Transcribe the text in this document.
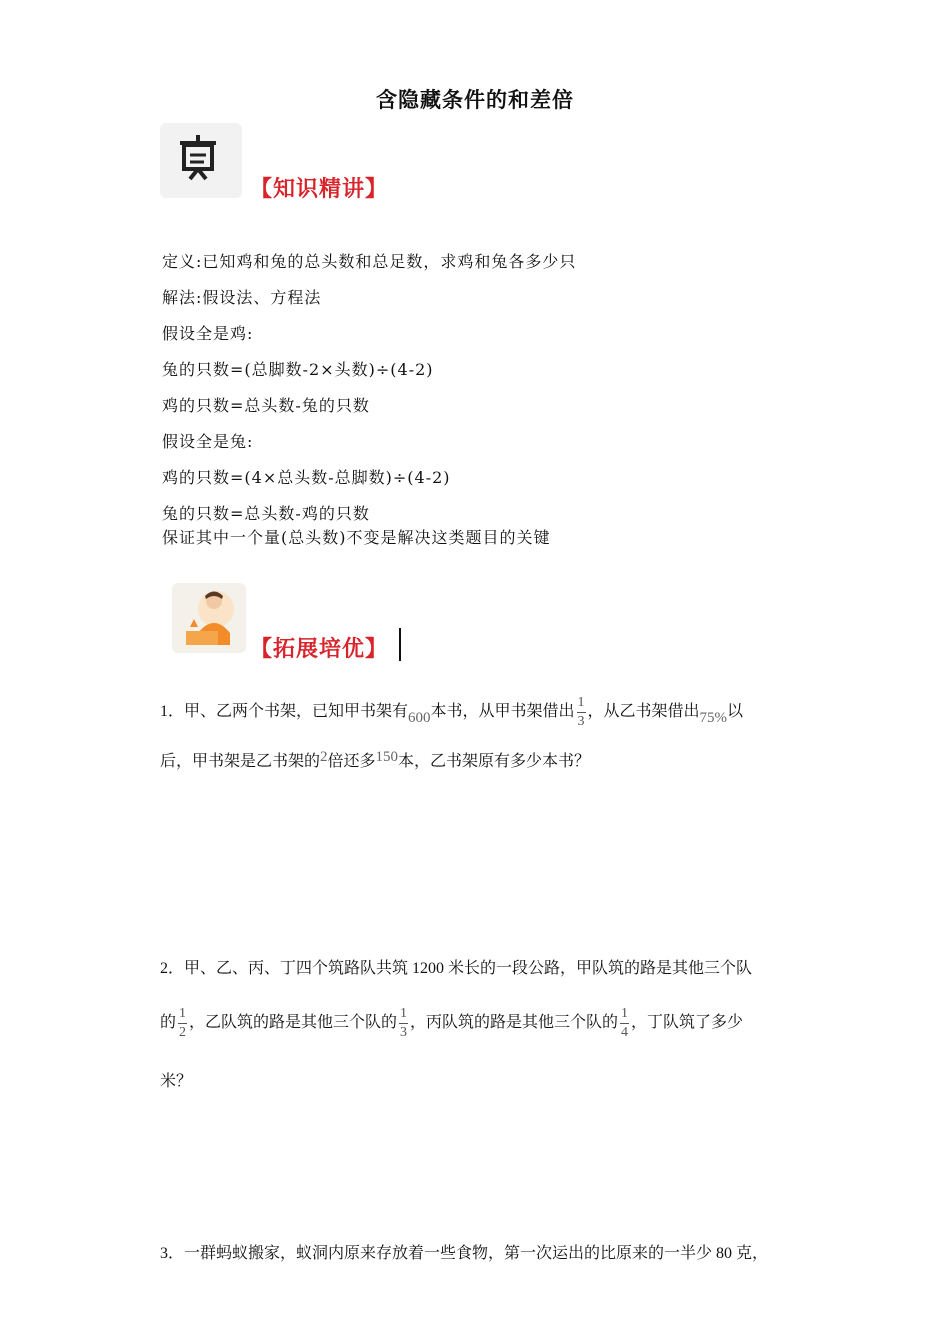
含隐藏条件的和差倍
【知识精讲】
定义:已知鸡和兔的总头数和总足数，求鸡和兔各多少只
解法:假设法、方程法
假设全是鸡:
兔的只数=(总脚数-2×头数)÷(4-2)
鸡的只数=总头数-兔的只数
假设全是兔:
鸡的只数=(4×总头数-总脚数)÷(4-2)
兔的只数=总头数-鸡的只数
保证其中一个量(总头数)不变是解决这类题目的关键
【拓展培优】
1．甲、乙两个书架，已知甲书架有600本书，从甲书架借出 $\frac{1}{3}$ ，从乙书架借出75%以
后，甲书架是乙书架的2倍还多150本，乙书架原有多少本书？
2．甲、乙、丙、丁四个筑路队共筑 1200 米长的一段公路，甲队筑的路是其他三个队
的 $\frac{1}{2}$ ，乙队筑的路是其他三个队的 $\frac{1}{3}$ ，丙队筑的路是其他三个队的 $\frac{1}{4}$ ，丁队筑了多少
米？
3．一群蚂蚁搬家，蚁洞内原来存放着一些食物，第一次运出的比原来的一半少 80 克，
